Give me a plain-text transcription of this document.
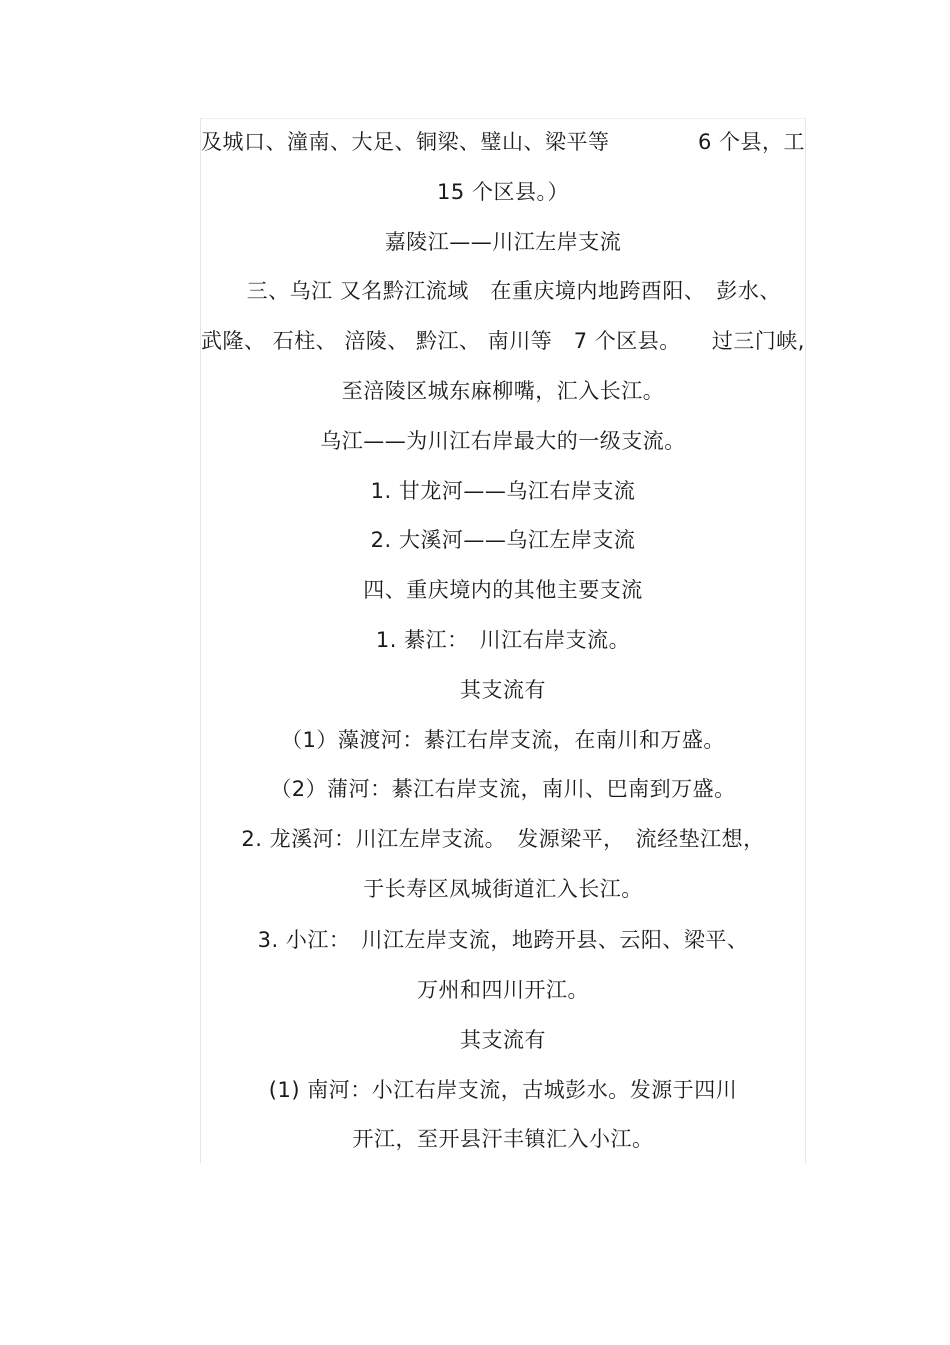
及城口、潼南、大足、铜梁、璧山、梁平等	6 个县，工
15 个区县。）
嘉陵江——川江左岸支流
　三、乌江 又名黔江流域　在重庆境内地跨酉阳、　彭水、
武隆、 石柱、 涪陵、 黔江、 南川等　7 个区县。 过三门峡,
至涪陵区城东麻柳嘴，汇入长江。
乌江——为川江右岸最大的一级支流。
1. 甘龙河——乌江右岸支流
2. 大溪河——乌江左岸支流
四、重庆境内的其他主要支流
1. 綦江：　川江右岸支流。
其支流有
（1）藻渡河：綦江右岸支流，在南川和万盛。
（2）蒲河：綦江右岸支流，南川、巴南到万盛。
2. 龙溪河：川江左岸支流。　发源梁平，　流经垫江想，
于长寿区凤城街道汇入长江。
3. 小江：　川江左岸支流，地跨开县、云阳、梁平、
万州和四川开江。
其支流有
(1) 南河：小江右岸支流，古城彭水。发源于四川
开江，至开县汗丰镇汇入小江。
